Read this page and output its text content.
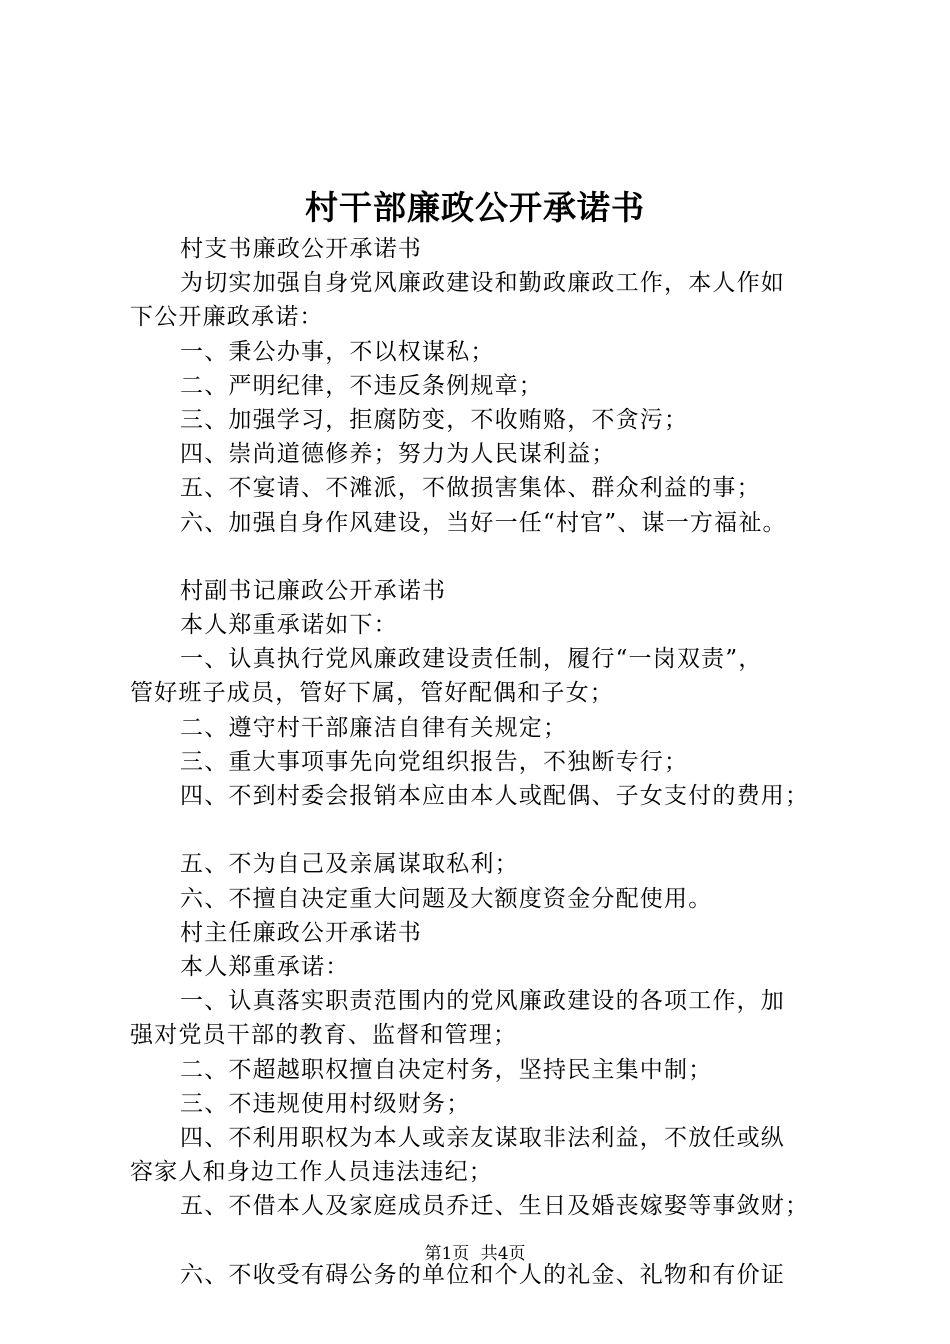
村干部廉政公开承诺书
村支书廉政公开承诺书
为切实加强自身党风廉政建设和勤政廉政工作，本人作如
下公开廉政承诺：
一、秉公办事，不以权谋私；
二、严明纪律，不违反条例规章；
三、加强学习，拒腐防变，不收贿赂，不贪污；
四、崇尚道德修养；努力为人民谋利益；
五、不宴请、不滩派，不做损害集体、群众利益的事；
六、加强自身作风建设，当好一任“村官”、谋一方福祉。
村副书记廉政公开承诺书
本人郑重承诺如下：
一、认真执行党风廉政建设责任制，履行“一岗双责”，
管好班子成员，管好下属，管好配偶和子女；
二、遵守村干部廉洁自律有关规定；
三、重大事项事先向党组织报告，不独断专行；
四、不到村委会报销本应由本人或配偶、子女支付的费用；
五、不为自己及亲属谋取私利；
六、不擅自决定重大问题及大额度资金分配使用。
村主任廉政公开承诺书
本人郑重承诺：
一、认真落实职责范围内的党风廉政建设的各项工作，加
强对党员干部的教育、监督和管理；
二、不超越职权擅自决定村务，坚持民主集中制；
三、不违规使用村级财务；
四、不利用职权为本人或亲友谋取非法利益，不放任或纵
容家人和身边工作人员违法违纪；
五、不借本人及家庭成员乔迁、生日及婚丧嫁娶等事敛财；
六、不收受有碍公务的单位和个人的礼金、礼物和有价证
第1页 共4页
